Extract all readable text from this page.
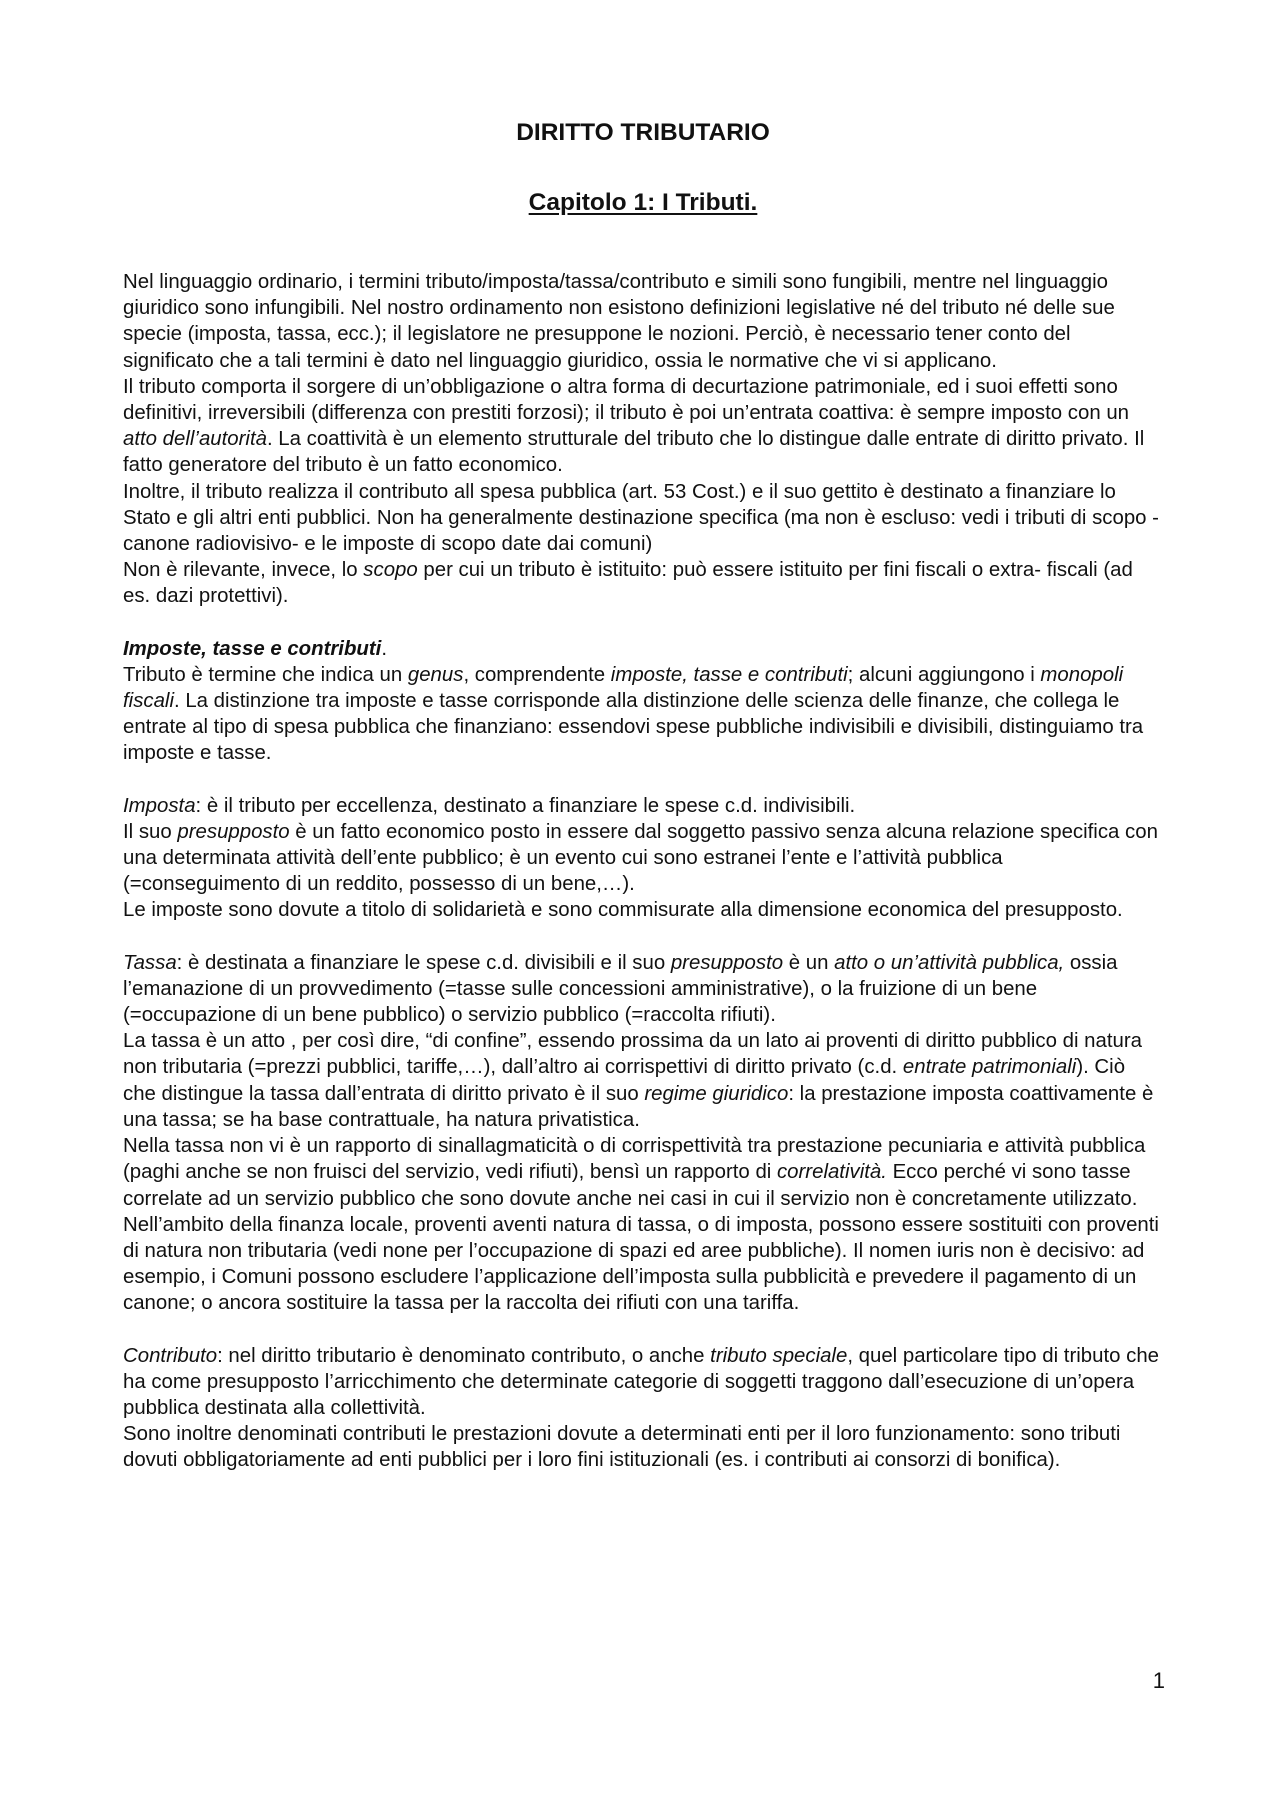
DIRITTO TRIBUTARIO
Capitolo 1: I Tributi.

Nel linguaggio ordinario, i termini tributo/imposta/tassa/contributo e simili sono fungibili, mentre nel linguaggio giuridico sono infungibili. Nel nostro ordinamento non esistono definizioni legislative né del tributo né delle sue specie (imposta, tassa, ecc.); il legislatore ne presuppone le nozioni. Perciò, è necessario tener conto del significato che a tali termini è dato nel linguaggio giuridico, ossia le normative che vi si applicano.

Il tributo comporta il sorgere di un’obbligazione o altra forma di decurtazione patrimoniale, ed i suoi effetti sono definitivi, irreversibili (differenza con prestiti forzosi); il tributo è poi un’entrata coattiva: è sempre imposto con un atto dell’autorità. La coattività è un elemento strutturale del tributo che lo distingue dalle entrate di diritto privato. Il fatto generatore del tributo è un fatto economico.

Inoltre, il tributo realizza il contributo all spesa pubblica (art. 53 Cost.) e il suo gettito è destinato a finanziare lo Stato e gli altri enti pubblici. Non ha generalmente destinazione specifica (ma non è escluso: vedi i tributi di scopo -canone radiovisivo- e le imposte di scopo date dai comuni)

Non è rilevante, invece, lo scopo per cui un tributo è istituito: può essere istituito per fini fiscali o extra- fiscali (ad es. dazi protettivi).

Imposte, tasse e contributi.

Tributo è termine che indica un genus, comprendente imposte, tasse e contributi; alcuni aggiungono i monopoli fiscali. La distinzione tra imposte e tasse corrisponde alla distinzione delle scienza delle finanze, che collega le entrate al tipo di spesa pubblica che finanziano: essendovi spese pubbliche indivisibili e divisibili, distinguiamo tra imposte e tasse.

Imposta: è il tributo per eccellenza, destinato a finanziare le spese c.d. indivisibili.

Il suo presupposto è un fatto economico posto in essere dal soggetto passivo senza alcuna relazione specifica con una determinata attività dell’ente pubblico; è un evento cui sono estranei l’ente e l’attività pubblica (=conseguimento di un reddito, possesso di un bene,…).

Le imposte sono dovute a titolo di solidarietà e sono commisurate alla dimensione economica del presupposto.

Tassa: è destinata a finanziare le spese c.d. divisibili e il suo presupposto è un atto o un’attività pubblica, ossia l’emanazione di un provvedimento (=tasse sulle concessioni amministrative), o la fruizione di un bene (=occupazione di un bene pubblico) o servizio pubblico (=raccolta rifiuti).

La tassa è un atto , per così dire, “di confine”, essendo prossima da un lato ai proventi di diritto pubblico di natura non tributaria (=prezzi pubblici, tariffe,…), dall’altro ai corrispettivi di diritto privato (c.d. entrate patrimoniali). Ciò che distingue la tassa dall’entrata di diritto privato è il suo regime giuridico: la prestazione imposta coattivamente è una tassa; se ha base contrattuale, ha natura privatistica.

Nella tassa non vi è un rapporto di sinallagmaticità o di corrispettività tra prestazione pecuniaria e attività pubblica (paghi anche se non fruisci del servizio, vedi rifiuti), bensì un rapporto di correlatività. Ecco perché vi sono tasse correlate ad un servizio pubblico che sono dovute anche nei casi in cui il servizio non è concretamente utilizzato.

Nell’ambito della finanza locale, proventi aventi natura di tassa, o di imposta, possono essere sostituiti con proventi di natura non tributaria (vedi none per l’occupazione di spazi ed aree pubbliche). Il nomen iuris non è decisivo: ad esempio, i Comuni possono escludere l’applicazione dell’imposta sulla pubblicità e prevedere il pagamento di un canone; o ancora sostituire la tassa per la raccolta dei rifiuti con una tariffa.

Contributo: nel diritto tributario è denominato contributo, o anche tributo speciale, quel particolare tipo di tributo che ha come presupposto l’arricchimento che determinate categorie di soggetti traggono dall’esecuzione di un’opera pubblica destinata alla collettività.

Sono inoltre denominati contributi le prestazioni dovute a determinati enti per il loro funzionamento: sono tributi dovuti obbligatoriamente ad enti pubblici per i loro fini istituzionali (es. i contributi ai consorzi di bonifica).

1
